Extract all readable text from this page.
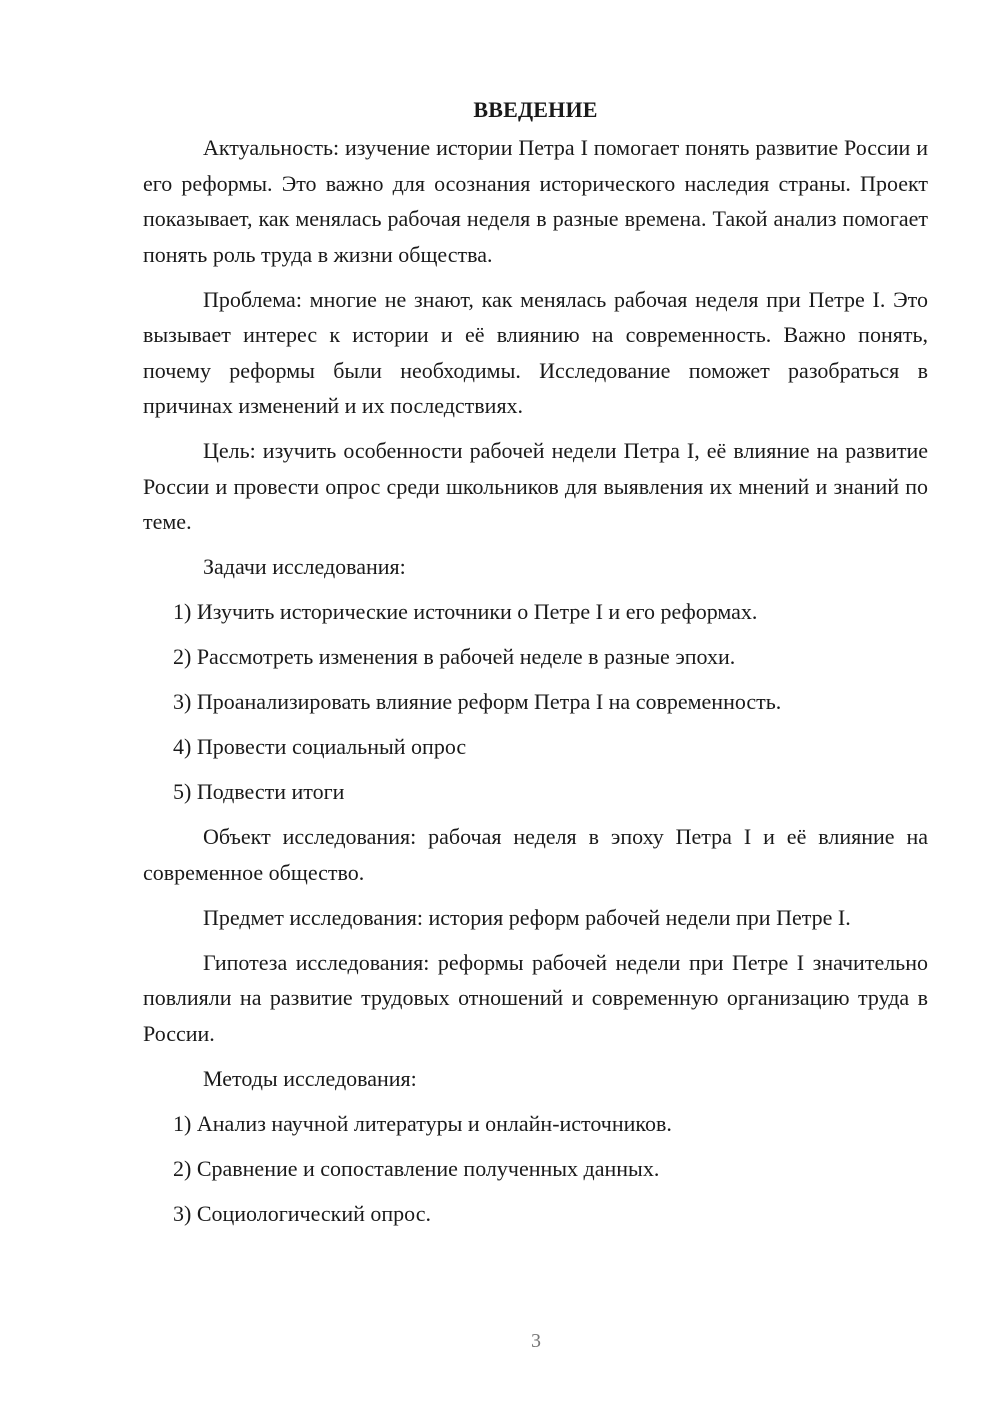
ВВЕДЕНИЕ

Актуальность: изучение истории Петра I помогает понять развитие России и его реформы. Это важно для осознания исторического наследия страны. Проект показывает, как менялась рабочая неделя в разные времена. Такой анализ помогает понять роль труда в жизни общества.

Проблема: многие не знают, как менялась рабочая неделя при Петре I. Это вызывает интерес к истории и её влиянию на современность. Важно понять, почему реформы были необходимы. Исследование поможет разобраться в причинах изменений и их последствиях.

Цель: изучить особенности рабочей недели Петра I, её влияние на развитие России и провести опрос среди школьников для выявления их мнений и знаний по теме.

Задачи исследования:

1) Изучить исторические источники о Петре I и его реформах.
2) Рассмотреть изменения в рабочей неделе в разные эпохи.
3) Проанализировать влияние реформ Петра I на современность.
4) Провести социальный опрос
5) Подвести итоги

Объект исследования: рабочая неделя в эпоху Петра I и её влияние на современное общество.

Предмет исследования: история реформ рабочей недели при Петре I.

Гипотеза исследования: реформы рабочей недели при Петре I значительно повлияли на развитие трудовых отношений и современную организацию труда в России.

Методы исследования:

1) Анализ научной литературы и онлайн-источников.
2) Сравнение и сопоставление полученных данных.
3) Социологический опрос.
3
